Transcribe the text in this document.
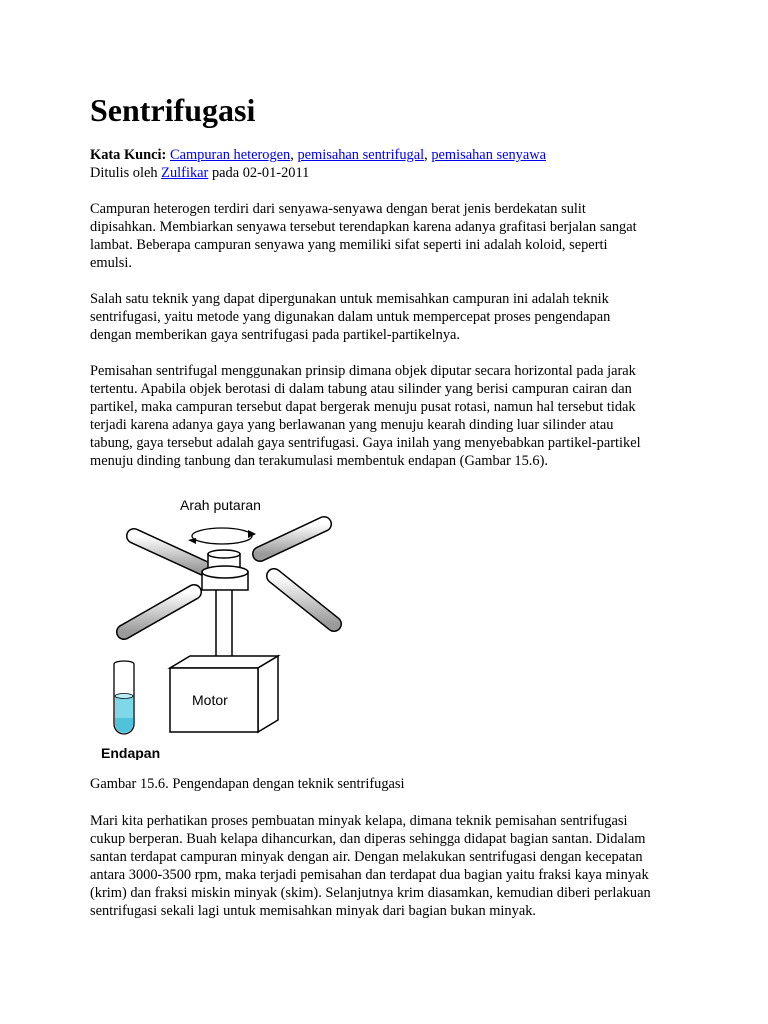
Sentrifugasi
Kata Kunci: Campuran heterogen, pemisahan sentrifugal, pemisahan senyawa
Ditulis oleh Zulfikar pada 02-01-2011

Campuran heterogen terdiri dari senyawa-senyawa dengan berat jenis berdekatan sulit
dipisahkan. Membiarkan senyawa tersebut terendapkan karena adanya grafitasi berjalan sangat
lambat. Beberapa campuran senyawa yang memiliki sifat seperti ini adalah koloid, seperti
emulsi.

Salah satu teknik yang dapat dipergunakan untuk memisahkan campuran ini adalah teknik
sentrifugasi, yaitu metode yang digunakan dalam untuk mempercepat proses pengendapan
dengan memberikan gaya sentrifugasi pada partikel-partikelnya.

Pemisahan sentrifugal menggunakan prinsip dimana objek diputar secara horizontal pada jarak
tertentu. Apabila objek berotasi di dalam tabung atau silinder yang berisi campuran cairan dan
partikel, maka campuran tersebut dapat bergerak menuju pusat rotasi, namun hal tersebut tidak
terjadi karena adanya gaya yang berlawanan yang menuju kearah dinding luar silinder atau
tabung, gaya tersebut adalah gaya sentrifugasi. Gaya inilah yang menyebabkan partikel-partikel
menuju dinding tanbung dan terakumulasi membentuk endapan (Gambar 15.6).

Arah putaran
Motor
Endapan
Gambar 15.6. Pengendapan dengan teknik sentrifugasi

Mari kita perhatikan proses pembuatan minyak kelapa, dimana teknik pemisahan sentrifugasi
cukup berperan. Buah kelapa dihancurkan, dan diperas sehingga didapat bagian santan. Didalam
santan terdapat campuran minyak dengan air. Dengan melakukan sentrifugasi dengan kecepatan
antara 3000-3500 rpm, maka terjadi pemisahan dan terdapat dua bagian yaitu fraksi kaya minyak
(krim) dan fraksi miskin minyak (skim). Selanjutnya krim diasamkan, kemudian diberi perlakuan
sentrifugasi sekali lagi untuk memisahkan minyak dari bagian bukan minyak.
